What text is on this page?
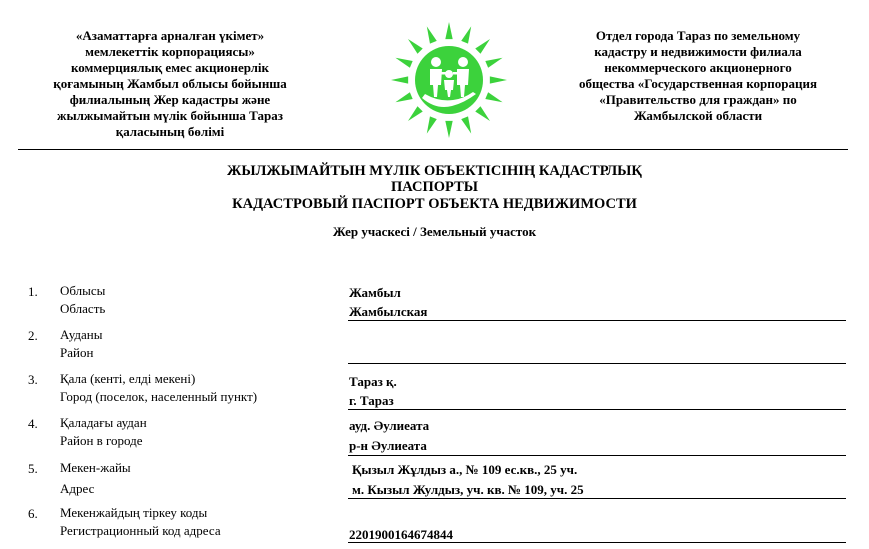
«Азаматтарға арналған үкімет»
мемлекеттік корпорациясы»
коммерциялық емес акционерлік
қоғамының Жамбыл облысы бойынша
филиалының Жер кадастры және
жылжымайтын мүлік бойынша Тараз
қаласының бөлімі
Отдел города Тараз по земельному
кадастру и недвижимости филиала
некоммерческого акционерного
общества «Государственная корпорация
«Правительство для граждан» по
Жамбылской области
ЖЫЛЖЫМАЙТЫН МҮЛІК ОБЪЕКТІСІНІҢ КАДАСТРЛЫҚ
ПАСПОРТЫ
КАДАСТРОВЫЙ ПАСПОРТ ОБЪЕКТА НЕДВИЖИМОСТИ
Жер учаскесі / Земельный участок
1. Облысы
Область
Жамбыл
Жамбылская
2. Ауданы
Район
3. Қала (кенті, елді мекені)
Город (поселок, населенный пункт)
Тараз қ.
г. Тараз
4. Қаладағы аудан
Район в городе
ауд. Әулиеата
р-н Әулиеата
5. Мекен-жайы
Адрес
Қызыл Жұлдыз а., № 109 ес.кв., 25 уч.
м. Кызыл Жулдыз, уч. кв. № 109, уч. 25
6. Мекенжайдың тіркеу коды
Регистрационный код адреса	2201900164674844
